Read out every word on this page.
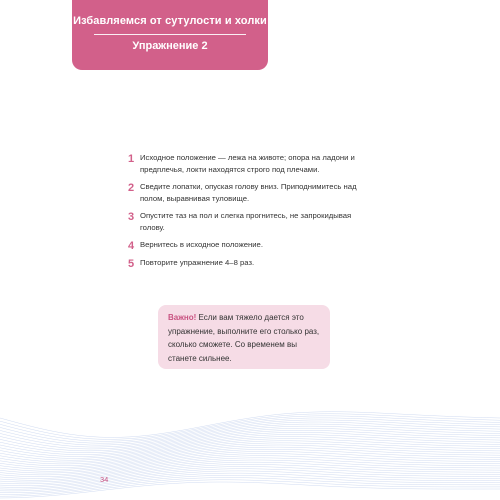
Избавляемся от сутулости и холки
Упражнение 2
1 Исходное положение — лежа на животе; опора на ладони и предплечья, локти находятся строго под плечами.
2 Сведите лопатки, опуская голову вниз. Приподнимитесь над полом, выравнивая туловище.
3 Опустите таз на пол и слегка прогнитесь, не запрокидывая голову.
4 Вернитесь в исходное положение.
5 Повторите упражнение 4–8 раз.
Важно! Если вам тяжело дается это упражнение, выполните его столько раз, сколько сможете. Со временем вы станете сильнее.
34
